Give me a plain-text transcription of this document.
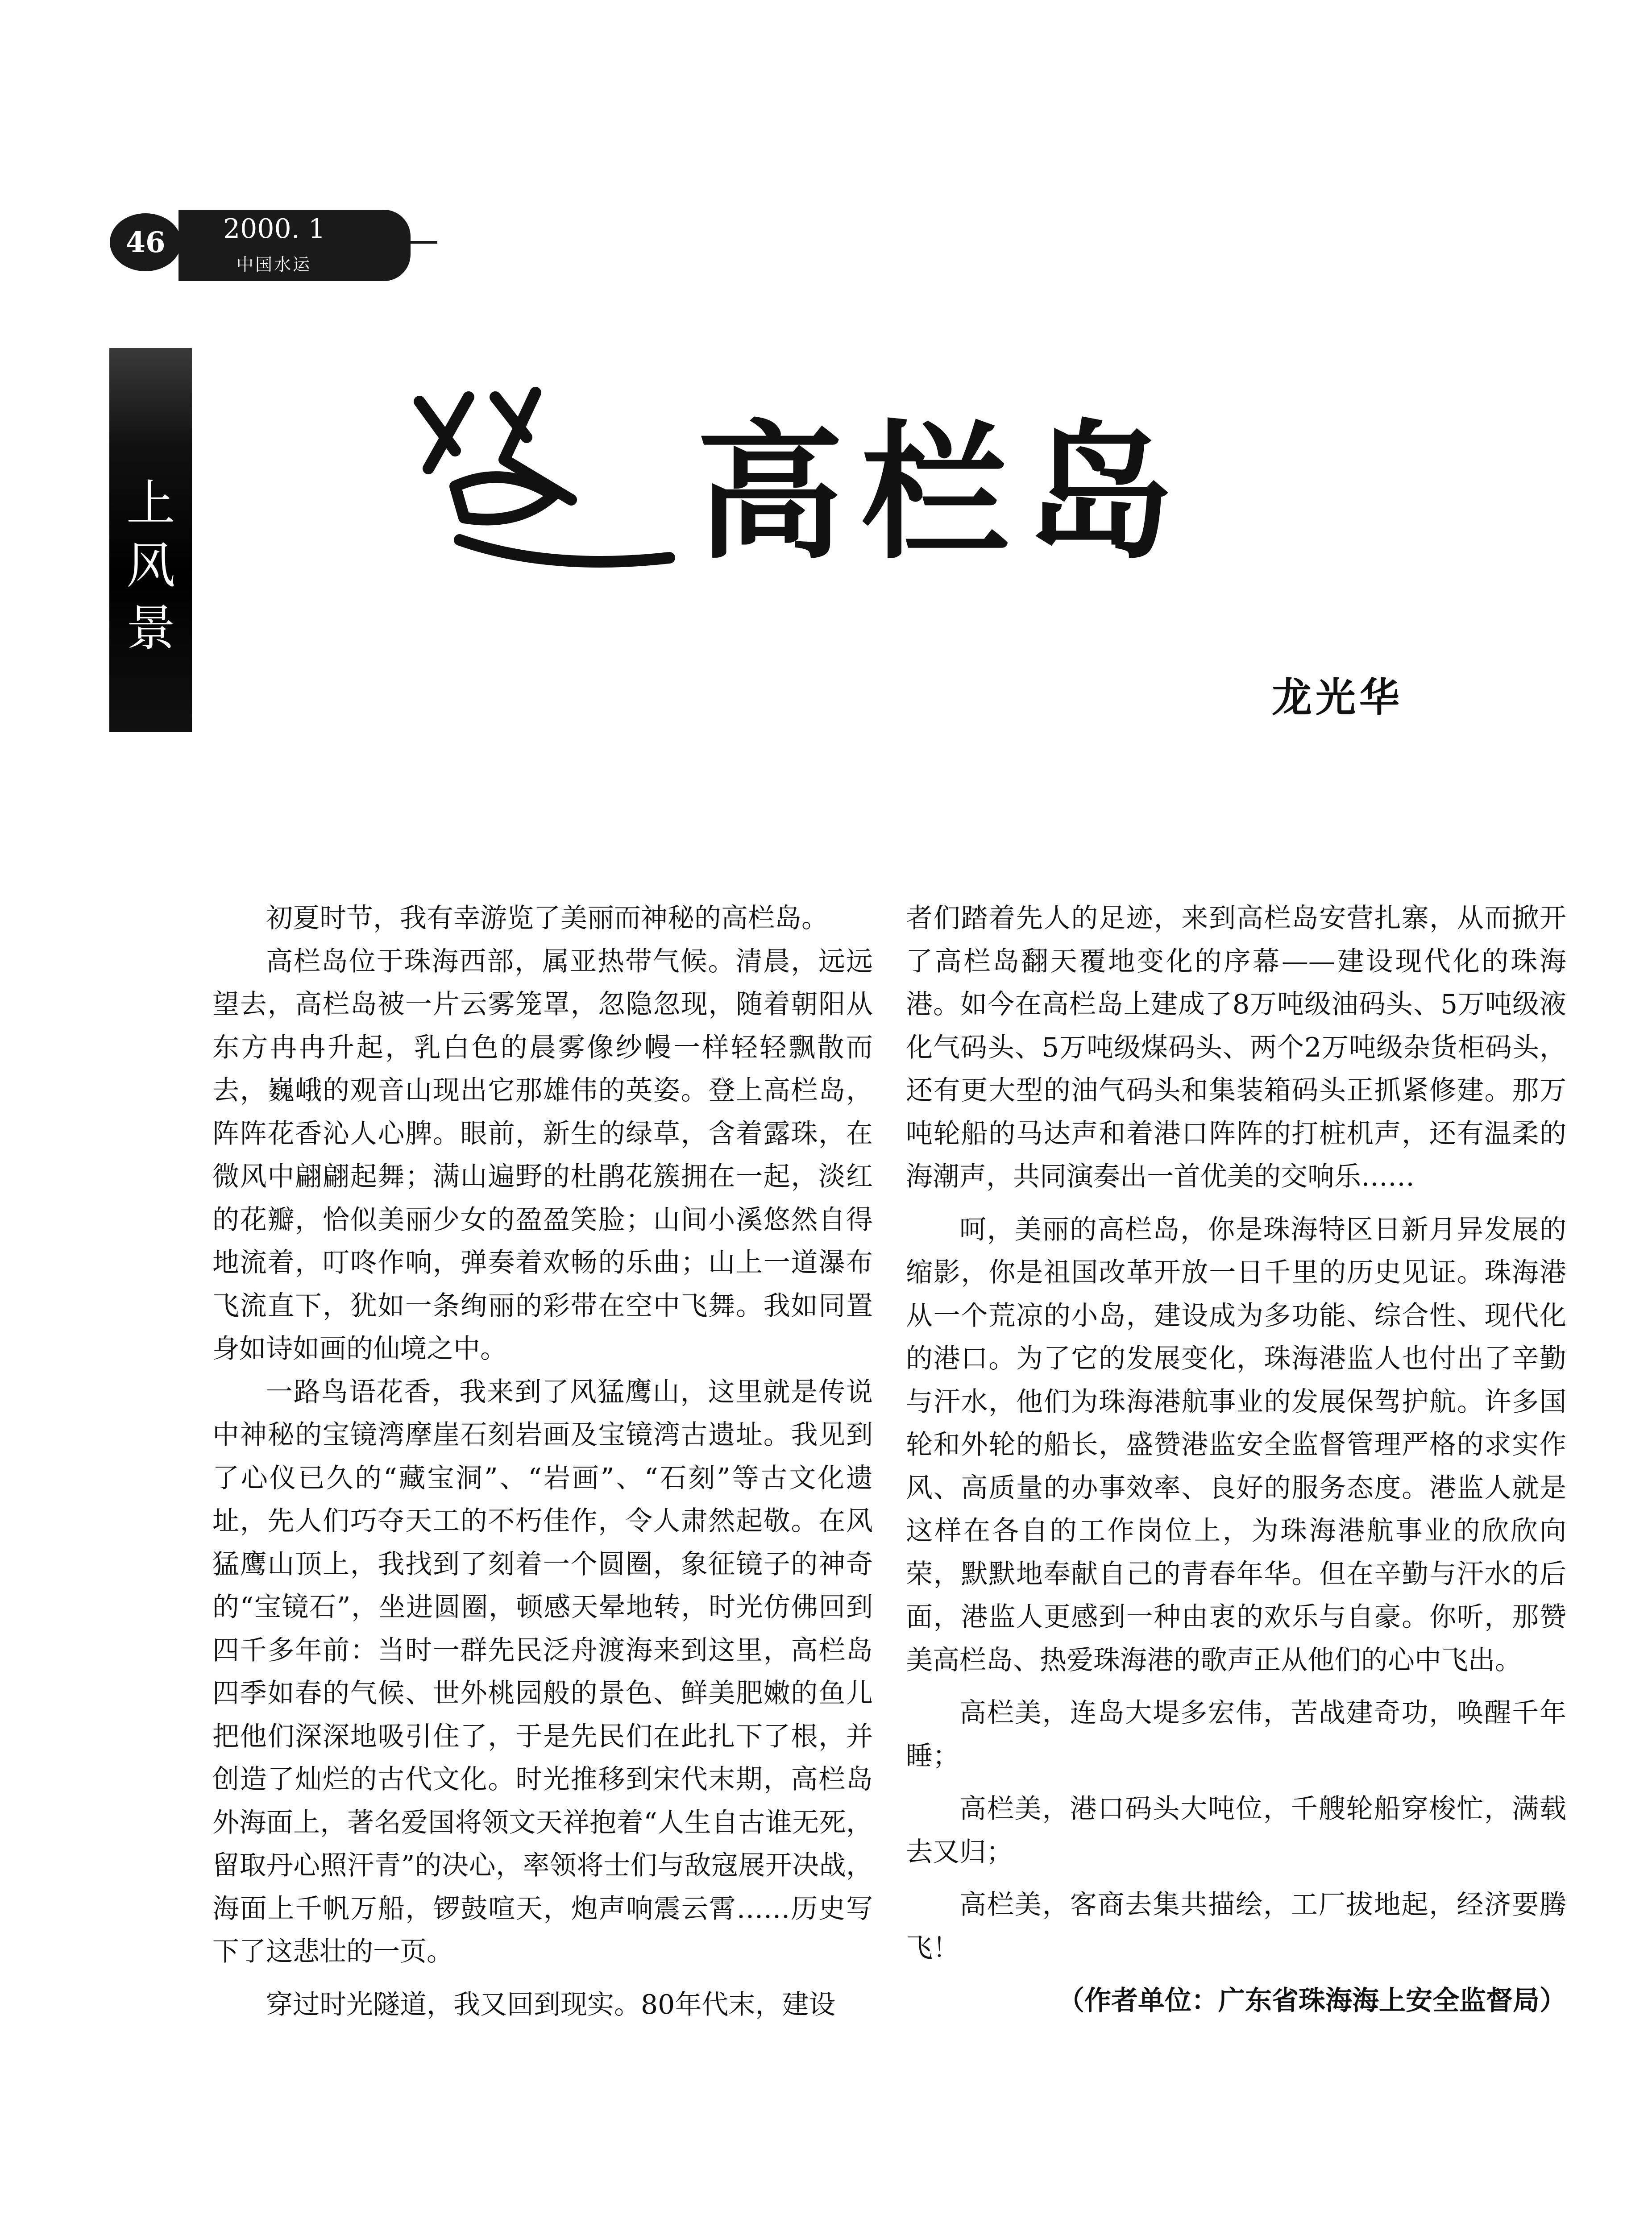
46	2000. 1
中国水运
上
风
景
高栏岛
龙光华

初夏时节，我有幸游览了美丽而神秘的高栏岛。

高栏岛位于珠海西部，属亚热带气候。清晨，远远望去，高栏岛被一片云雾笼罩，忽隐忽现，随着朝阳从东方冉冉升起，乳白色的晨雾像纱幔一样轻轻飘散而去，巍峨的观音山现出它那雄伟的英姿。登上高栏岛，阵阵花香沁人心脾。眼前，新生的绿草，含着露珠，在微风中翩翩起舞；满山遍野的杜鹃花簇拥在一起，淡红的花瓣，恰似美丽少女的盈盈笑脸；山间小溪悠然自得地流着，叮咚作响，弹奏着欢畅的乐曲；山上一道瀑布飞流直下，犹如一条绚丽的彩带在空中飞舞。我如同置身如诗如画的仙境之中。

一路鸟语花香，我来到了风猛鹰山，这里就是传说中神秘的宝镜湾摩崖石刻岩画及宝镜湾古遗址。我见到了心仪已久的“藏宝洞”、“岩画”、“石刻”等古文化遗址，先人们巧夺天工的不朽佳作，令人肃然起敬。在风猛鹰山顶上，我找到了刻着一个圆圈，象征镜子的神奇的“宝镜石”，坐进圆圈，顿感天晕地转，时光仿佛回到四千多年前：当时一群先民泛舟渡海来到这里，高栏岛四季如春的气候、世外桃园般的景色、鲜美肥嫩的鱼儿把他们深深地吸引住了，于是先民们在此扎下了根，并创造了灿烂的古代文化。时光推移到宋代末期，高栏岛外海面上，著名爱国将领文天祥抱着“人生自古谁无死，留取丹心照汗青”的决心，率领将士们与敌寇展开决战，海面上千帆万船，锣鼓喧天，炮声响震云霄……历史写下了这悲壮的一页。

穿过时光隧道，我又回到现实。80年代末，建设

者们踏着先人的足迹，来到高栏岛安营扎寨，从而掀开了高栏岛翻天覆地变化的序幕——建设现代化的珠海港。如今在高栏岛上建成了8万吨级油码头、5万吨级液化气码头、5万吨级煤码头、两个2万吨级杂货柜码头，还有更大型的油气码头和集装箱码头正抓紧修建。那万吨轮船的马达声和着港口阵阵的打桩机声，还有温柔的海潮声，共同演奏出一首优美的交响乐……

呵，美丽的高栏岛，你是珠海特区日新月异发展的缩影，你是祖国改革开放一日千里的历史见证。珠海港从一个荒凉的小岛，建设成为多功能、综合性、现代化的港口。为了它的发展变化，珠海港监人也付出了辛勤与汗水，他们为珠海港航事业的发展保驾护航。许多国轮和外轮的船长，盛赞港监安全监督管理严格的求实作风、高质量的办事效率、良好的服务态度。港监人就是这样在各自的工作岗位上，为珠海港航事业的欣欣向荣，默默地奉献自己的青春年华。但在辛勤与汗水的后面，港监人更感到一种由衷的欢乐与自豪。你听，那赞美高栏岛、热爱珠海港的歌声正从他们的心中飞出。

高栏美，连岛大堤多宏伟，苦战建奇功，唤醒千年睡；

高栏美，港口码头大吨位，千艘轮船穿梭忙，满载去又归；

高栏美，客商去集共描绘，工厂拔地起，经济要腾飞！

（作者单位：广东省珠海海上安全监督局）
